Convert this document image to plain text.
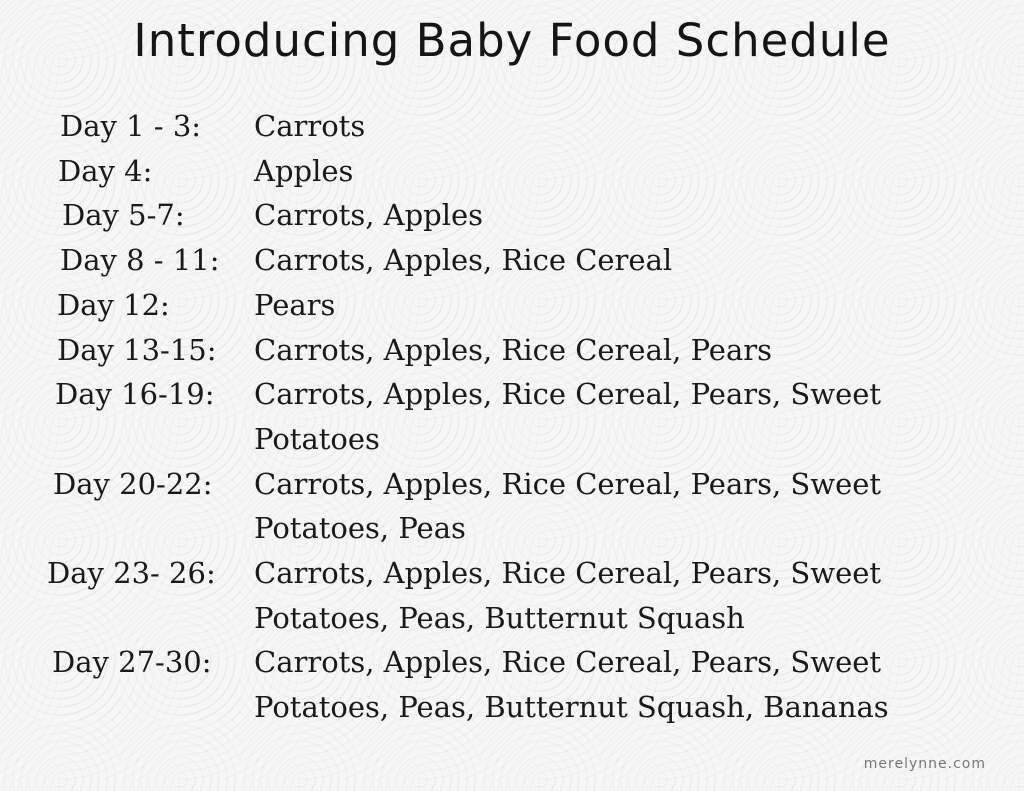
Introducing Baby Food Schedule
Day 1 - 3: Carrots
Day 4:	Apples
Day 5-7: Carrots, Apples
Day 8 - 11: Carrots, Apples, Rice Cereal
Day 12:	Pears
Day 13-15: Carrots, Apples, Rice Cereal, Pears
Day 16-19: Carrots, Apples, Rice Cereal, Pears, Sweet Potatoes
Day 20-22: Carrots, Apples, Rice Cereal, Pears, Sweet Potatoes, Peas
Day 23- 26: Carrots, Apples, Rice Cereal, Pears, Sweet Potatoes, Peas, Butternut Squash
Day 27-30: Carrots, Apples, Rice Cereal, Pears, Sweet Potatoes, Peas, Butternut Squash, Bananas
merelynne.com
